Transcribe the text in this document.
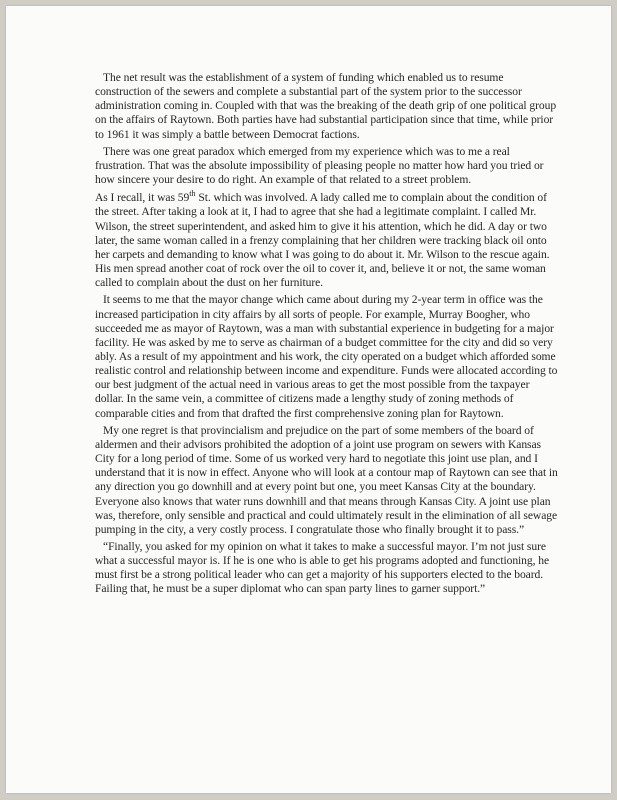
The net result was the establishment of a system of funding which enabled us to resume construction of the sewers and complete a substantial part of the system prior to the successor administration coming in. Coupled with that was the breaking of the death grip of one political group on the affairs of Raytown. Both parties have had substantial participation since that time, while prior to 1961 it was simply a battle between Democrat factions.

There was one great paradox which emerged from my experience which was to me a real frustration. That was the absolute impossibility of pleasing people no matter how hard you tried or how sincere your desire to do right. An example of that related to a street problem.

As I recall, it was 59th St. which was involved. A lady called me to complain about the condition of the street. After taking a look at it, I had to agree that she had a legitimate complaint. I called Mr. Wilson, the street superintendent, and asked him to give it his attention, which he did. A day or two later, the same woman called in a frenzy complaining that her children were tracking black oil onto her carpets and demanding to know what I was going to do about it. Mr. Wilson to the rescue again. His men spread another coat of rock over the oil to cover it, and, believe it or not, the same woman called to complain about the dust on her furniture.

It seems to me that the mayor change which came about during my 2-year term in office was the increased participation in city affairs by all sorts of people. For example, Murray Boogher, who succeeded me as mayor of Raytown, was a man with substantial experience in budgeting for a major facility. He was asked by me to serve as chairman of a budget committee for the city and did so very ably. As a result of my appointment and his work, the city operated on a budget which afforded some realistic control and relationship between income and expenditure. Funds were allocated according to our best judgment of the actual need in various areas to get the most possible from the taxpayer dollar. In the same vein, a committee of citizens made a lengthy study of zoning methods of comparable cities and from that drafted the first comprehensive zoning plan for Raytown.

My one regret is that provincialism and prejudice on the part of some members of the board of aldermen and their advisors prohibited the adoption of a joint use program on sewers with Kansas City for a long period of time. Some of us worked very hard to negotiate this joint use plan, and I understand that it is now in effect. Anyone who will look at a contour map of Raytown can see that in any direction you go downhill and at every point but one, you meet Kansas City at the boundary.

Everyone also knows that water runs downhill and that means through Kansas City. A joint use plan was, therefore, only sensible and practical and could ultimately result in the elimination of all sewage pumping in the city, a very costly process. I congratulate those who finally brought it to pass.”

“Finally, you asked for my opinion on what it takes to make a successful mayor. I’m not just sure what a successful mayor is. If he is one who is able to get his programs adopted and functioning, he must first be a strong political leader who can get a majority of his supporters elected to the board. Failing that, he must be a super diplomat who can span party lines to garner support.”
